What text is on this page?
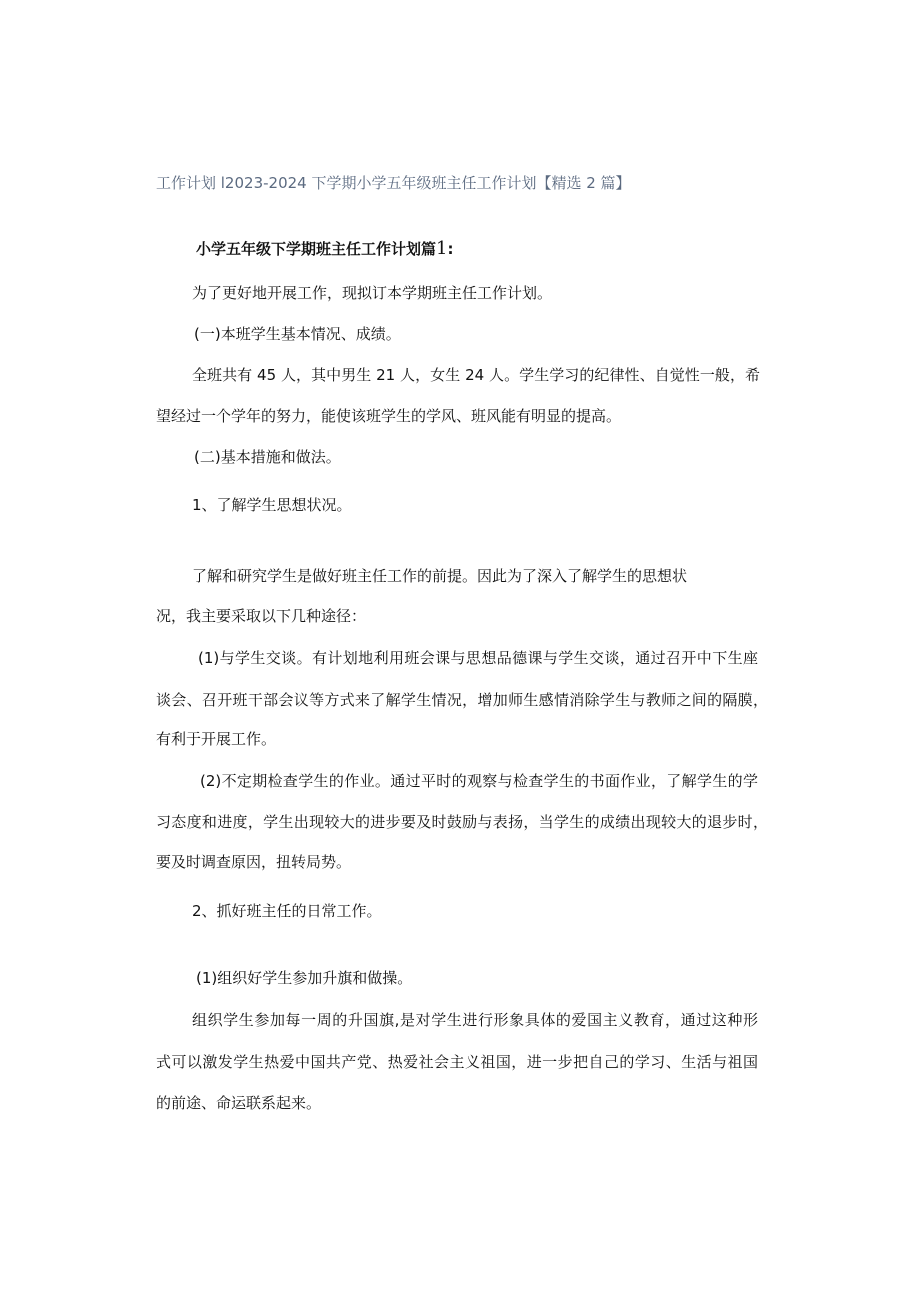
工作计划 l2023-2024 下学期小学五年级班主任工作计划【精选 2 篇】

小学五年级下学期班主任工作计划篇1:

为了更好地开展工作，现拟订本学期班主任工作计划。

(一)本班学生基本情况、成绩。

全班共有 45 人，其中男生 21 人，女生 24 人。学生学习的纪律性、自觉性一般，希

望经过一个学年的努力，能使该班学生的学风、班风能有明显的提高。

(二)基本措施和做法。

1、了解学生思想状况。

了解和研究学生是做好班主任工作的前提。因此为了深入了解学生的思想状

况，我主要采取以下几种途径：

(1)与学生交谈。有计划地利用班会课与思想品德课与学生交谈，通过召开中下生座

谈会、召开班干部会议等方式来了解学生情况，增加师生感情消除学生与教师之间的隔膜，

有利于开展工作。

(2)不定期检查学生的作业。通过平时的观察与检查学生的书面作业，了解学生的学

习态度和进度，学生出现较大的进步要及时鼓励与表扬，当学生的成绩出现较大的退步时，

要及时调查原因，扭转局势。

2、抓好班主任的日常工作。

(1)组织好学生参加升旗和做操。

组织学生参加每一周的升国旗,是对学生进行形象具体的爱国主义教育，通过这种形

式可以激发学生热爱中国共产党、热爱社会主义祖国，进一步把自己的学习、生活与祖国

的前途、命运联系起来。
